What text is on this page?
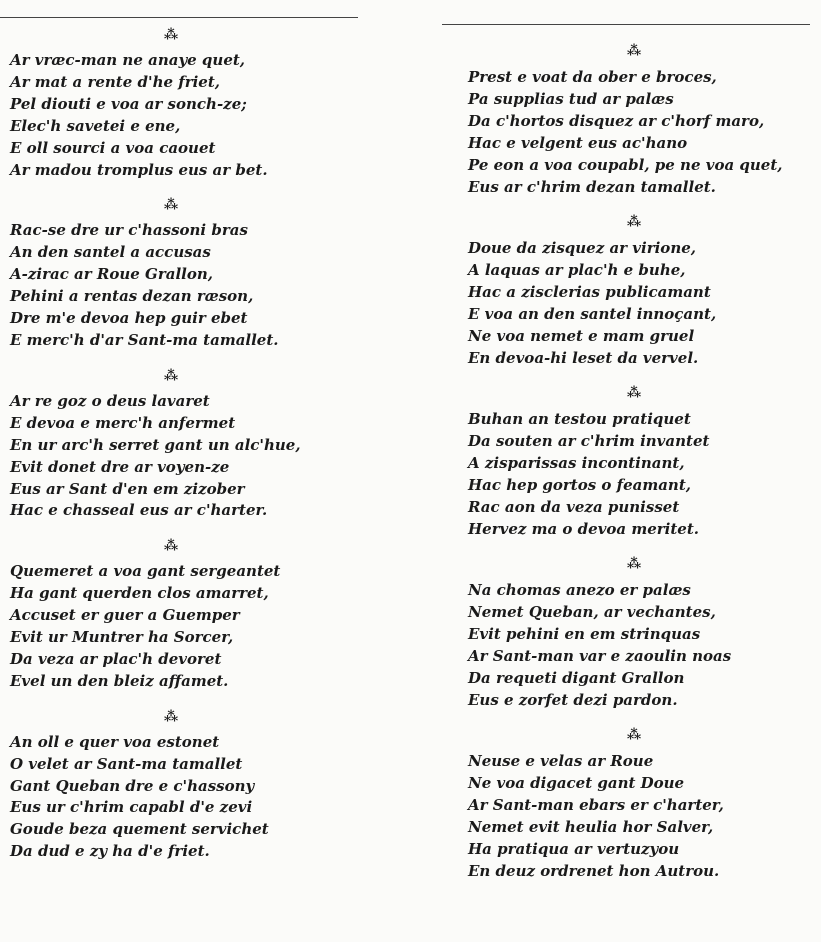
⁂
Ar vræc-man ne anaye quet,
Ar mat a rente d'he friet,
Pel diouti e voa ar sonch-ze;
Elec'h savetei e ene,
E oll sourci a voa caouet
Ar madou tromplus eus ar bet.
⁂
Rac-se dre ur c'hassoni bras
An den santel a accusas
A-zirac ar Roue Grallon,
Pehini a rentas dezan ræson,
Dre m'e devoa hep guir ebet
E merc'h d'ar Sant-ma tamallet.
⁂
Ar re goz o deus lavaret
E devoa e merc'h anfermet
En ur arc'h serret gant un alc'hue,
Evit donet dre ar voyen-ze
Eus ar Sant d'en em zizober
Hac e chasseal eus ar c'harter.
⁂
Quemeret a voa gant sergeantet
Ha gant querden clos amarret,
Accuset er guer a Guemper
Evit ur Muntrer ha Sorcer,
Da veza ar plac'h devoret
Evel un den bleiz affamet.
⁂
An oll e quer voa estonet
O velet ar Sant-ma tamallet
Gant Queban dre e c'hassony
Eus ur c'hrim capabl d'e zevi
Goude beza quement servichet
Da dud e zy ha d'e friet.
⁂
Prest e voat da ober e broces,
Pa supplias tud ar palæs
Da c'hortos disquez ar c'horf maro,
Hac e velgent eus ac'hano
Pe eon a voa coupabl, pe ne voa quet,
Eus ar c'hrim dezan tamallet.
⁂
Doue da zisquez ar virione,
A laquas ar plac'h e buhe,
Hac a zisclerias publicamant
E voa an den santel innoçant,
Ne voa nemet e mam gruel
En devoa-hi leset da vervel.
⁂
Buhan an testou pratiquet
Da souten ar c'hrim invantet
A zisparissas incontinant,
Hac hep gortos o feamant,
Rac aon da veza punisset
Hervez ma o devoa meritet.
⁂
Na chomas anezo er palæs
Nemet Queban, ar vechantes,
Evit pehini en em strinquas
Ar Sant-man var e zaoulin noas
Da requeti digant Grallon
Eus e zorfet dezi pardon.
⁂
Neuse e velas ar Roue
Ne voa digacet gant Doue
Ar Sant-man ebars er c'harter,
Nemet evit heulia hor Salver,
Ha pratiqua ar vertuzyou
En deuz ordrenet hon Autrou.
